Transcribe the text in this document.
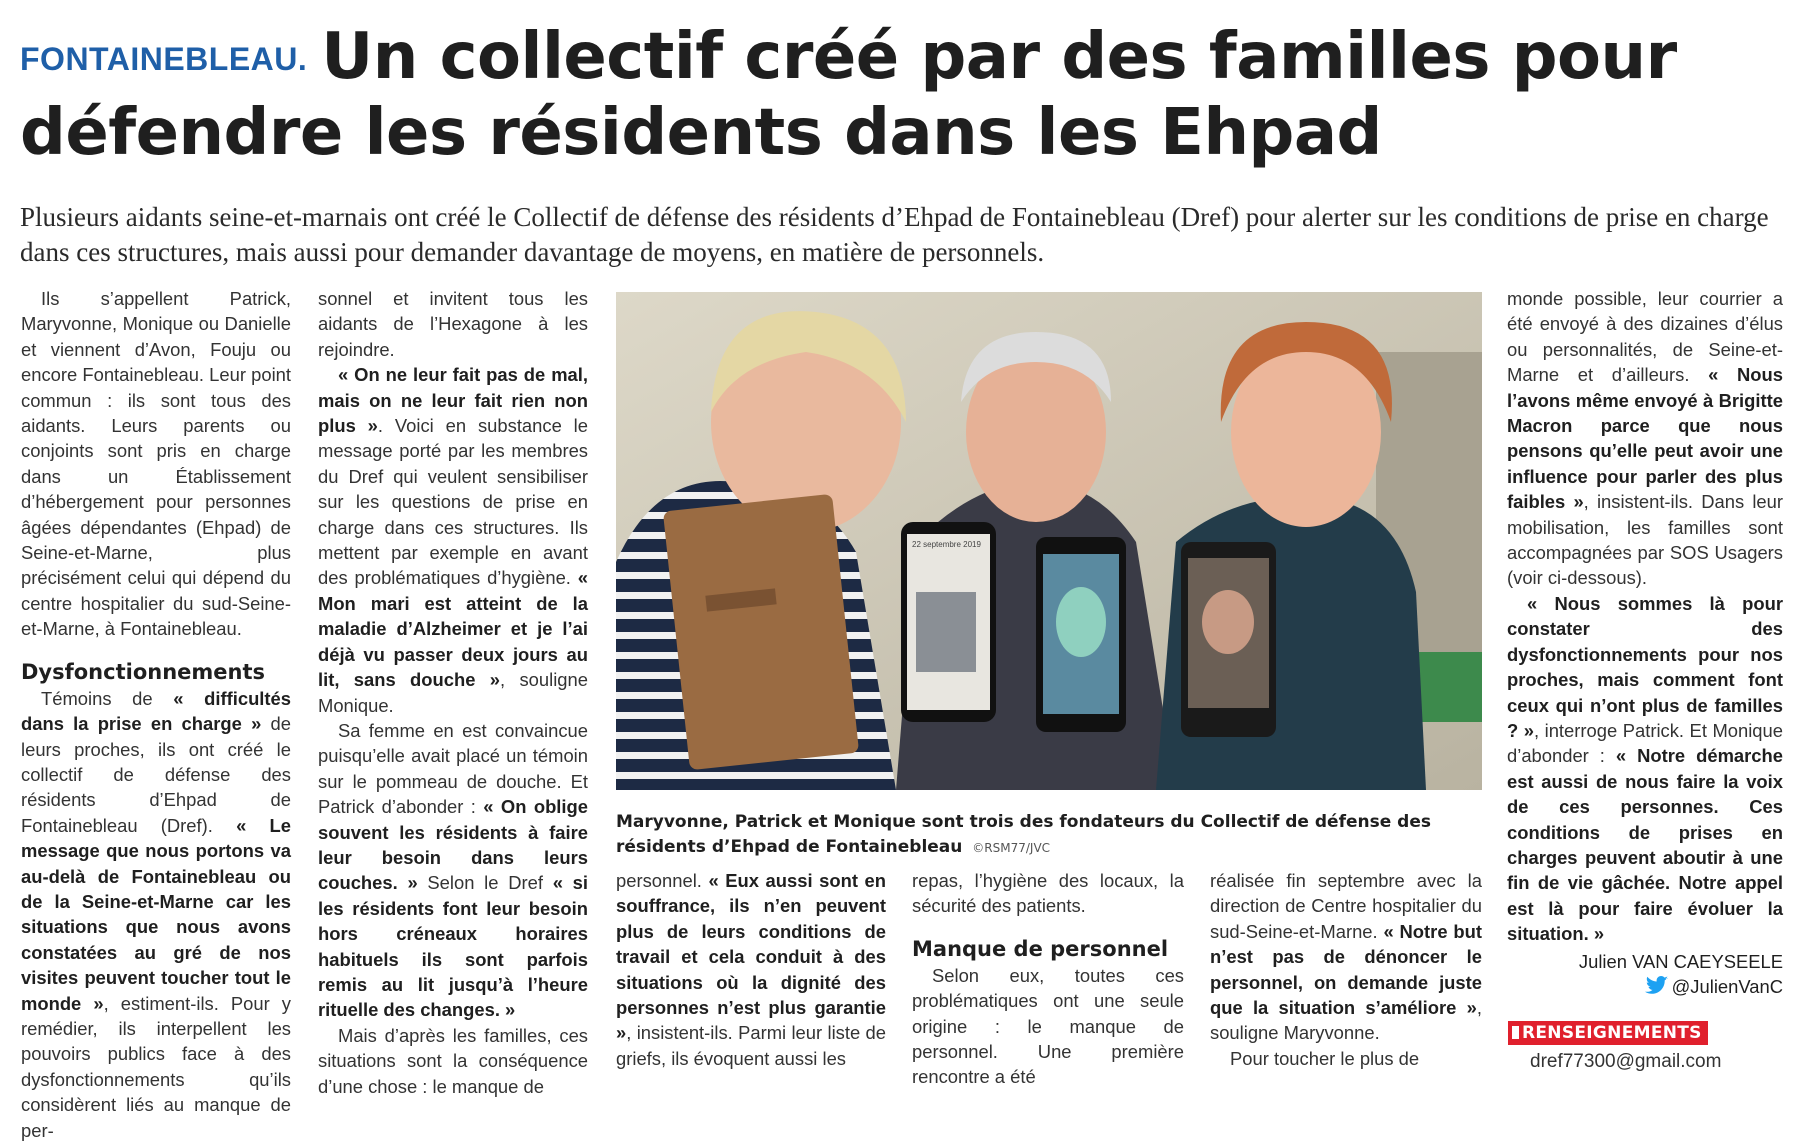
FONTAINEBLEAU. Un collectif créé par des familles pour défendre les résidents dans les Ehpad

Plusieurs aidants seine-et-marnais ont créé le Collectif de défense des résidents d’Ehpad de Fontainebleau (Dref) pour alerter sur les conditions de prise en charge dans ces structures, mais aussi pour demander davantage de moyens, en matière de personnels.

Ils s’appellent Patrick, Maryvonne, Monique ou Danielle et viennent d’Avon, Fouju ou encore Fontainebleau. Leur point commun : ils sont tous des aidants. Leurs parents ou conjoints sont pris en charge dans un Établissement d’hébergement pour personnes âgées dépendantes (Ehpad) de Seine-et-Marne, plus précisément celui qui dépend du centre hospitalier du sud-Seine-et-Marne, à Fontainebleau.

Dysfonctionnements

Témoins de « difficultés dans la prise en charge » de leurs proches, ils ont créé le collectif de défense des résidents d’Ehpad de Fontainebleau (Dref). « Le message que nous portons va au-delà de Fontainebleau ou de la Seine-et-Marne car les situations que nous avons constatées au gré de nos visites peuvent toucher tout le monde », estiment-ils. Pour y remédier, ils interpellent les pouvoirs publics face à des dysfonctionnements qu’ils considèrent liés au manque de per-

sonnel et invitent tous les aidants de l’Hexagone à les rejoindre.

« On ne leur fait pas de mal, mais on ne leur fait rien non plus ». Voici en substance le message porté par les membres du Dref qui veulent sensibiliser sur les questions de prise en charge dans ces structures. Ils mettent par exemple en avant des problématiques d’hygiène. « Mon mari est atteint de la maladie d’Alzheimer et je l’ai déjà vu passer deux jours au lit, sans douche », souligne Monique.

Sa femme en est convaincue puisqu’elle avait placé un témoin sur le pommeau de douche. Et Patrick d’abonder : « On oblige souvent les résidents à faire leur besoin dans leurs couches. » Selon le Dref « si les résidents font leur besoin hors créneaux horaires habituels ils sont parfois remis au lit jusqu’à l’heure rituelle des changes. »

Mais d’après les familles, ces situations sont la conséquence d’une chose : le manque de

22 septembre 2019
Maryvonne, Patrick et Monique sont trois des fondateurs du Collectif de défense des résidents d’Ehpad de Fontainebleau ©RSM77/JVC

personnel. « Eux aussi sont en souffrance, ils n’en peuvent plus de leurs conditions de travail et cela conduit à des situations où la dignité des personnes n’est plus garantie », insistent-ils. Parmi leur liste de griefs, ils évoquent aussi les

repas, l’hygiène des locaux, la sécurité des patients.

Manque de personnel

Selon eux, toutes ces problématiques ont une seule origine : le manque de personnel. Une première rencontre a été

réalisée fin septembre avec la direction de Centre hospitalier du sud-Seine-et-Marne. « Notre but n’est pas de dénoncer le personnel, on demande juste que la situation s’améliore », souligne Maryvonne.

Pour toucher le plus de

monde possible, leur courrier a été envoyé à des dizaines d’élus ou personnalités, de Seine-et-Marne et d’ailleurs. « Nous l’avons même envoyé à Brigitte Macron parce que nous pensons qu’elle peut avoir une influence pour parler des plus faibles », insistent-ils. Dans leur mobilisation, les familles sont accompagnées par SOS Usagers (voir ci-dessous).

« Nous sommes là pour constater des dysfonctionnements pour nos proches, mais comment font ceux qui n’ont plus de familles ? », interroge Patrick. Et Monique d’abonder : « Notre démarche est aussi de nous faire la voix de ces personnes. Ces conditions de prises en charges peuvent aboutir à une fin de vie gâchée. Notre appel est là pour faire évoluer la situation. »

Julien VAN CAEYSEELE
@JulienVanC
RENSEIGNEMENTS
dref77300@gmail.com
